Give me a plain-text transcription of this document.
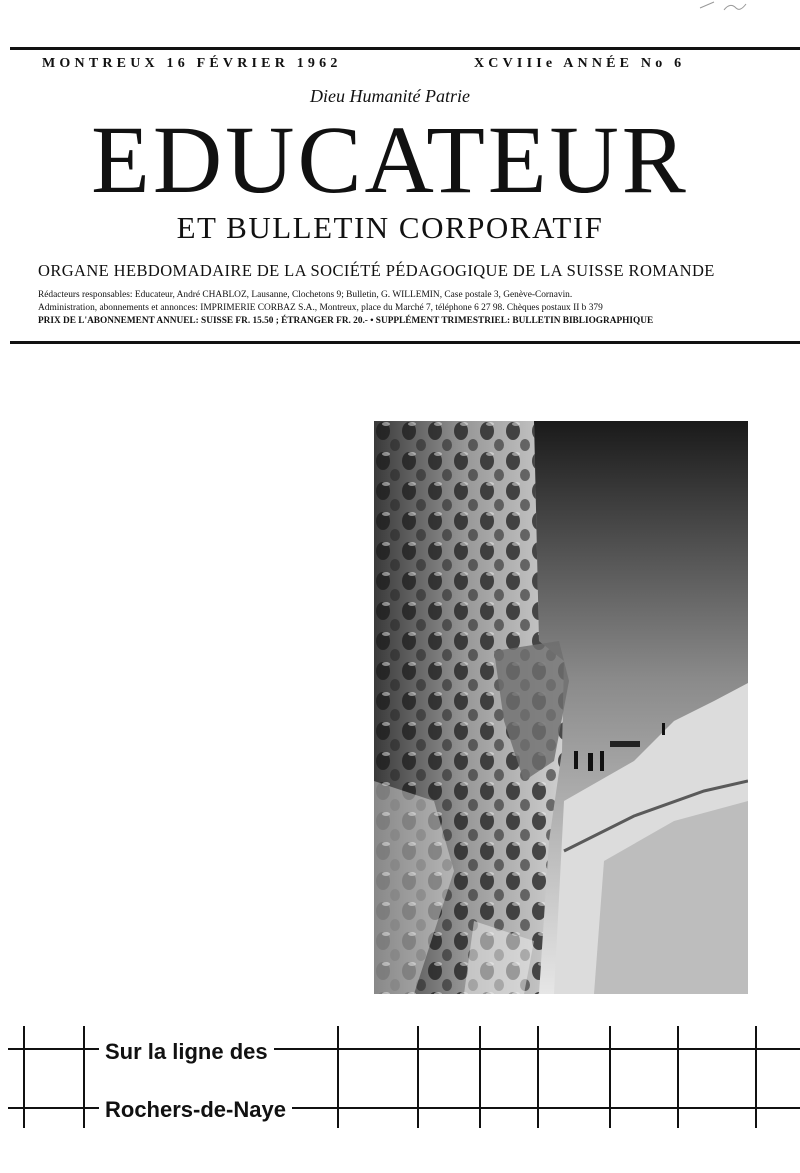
MONTREUX 16 FÉVRIER 1962	XCVIIIe ANNÉE No 6
Dieu Humanité Patrie
EDUCATEUR
ET BULLETIN CORPORATIF
ORGANE HEBDOMADAIRE DE LA SOCIÉTÉ PÉDAGOGIQUE DE LA SUISSE ROMANDE
Rédacteurs responsables: Educateur, André CHABLOZ, Lausanne, Clochetons 9; Bulletin, G. WILLEMIN, Case postale 3, Genève-Cornavin.
Administration, abonnements et annonces: IMPRIMERIE CORBAZ S.A., Montreux, place du Marché 7, téléphone 6 27 98. Chèques postaux II b 379
PRIX DE L'ABONNEMENT ANNUEL: SUISSE FR. 15.50 ; ÉTRANGER FR. 20.- • SUPPLÉMENT TRIMESTRIEL: BULLETIN BIBLIOGRAPHIQUE
Sur la ligne des
Rochers-de-Naye
